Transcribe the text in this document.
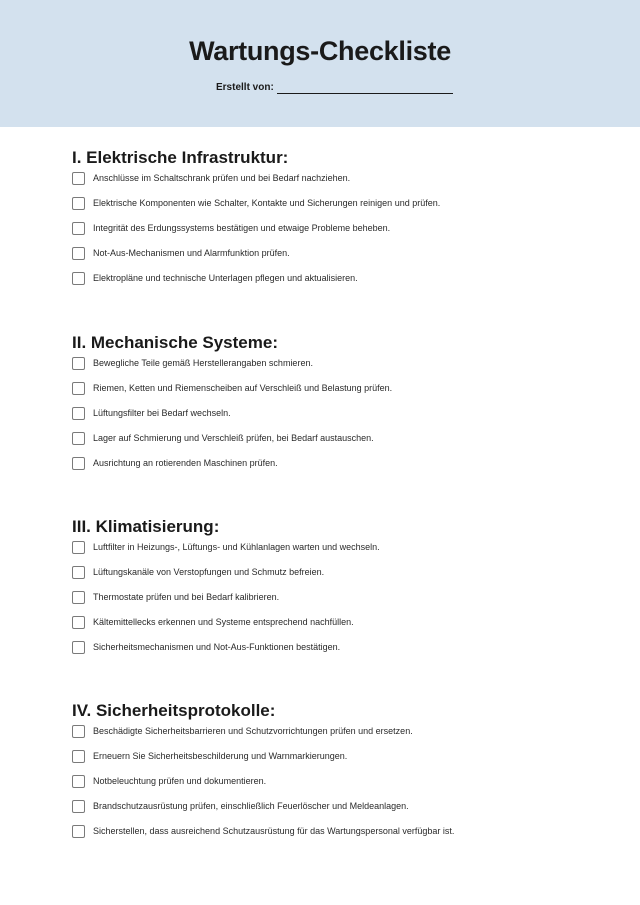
Wartungs-Checkliste
Erstellt von:
I. Elektrische Infrastruktur:
Anschlüsse im Schaltschrank prüfen und bei Bedarf nachziehen.
Elektrische Komponenten wie Schalter, Kontakte und Sicherungen reinigen und prüfen.
Integrität des Erdungssystems bestätigen und etwaige Probleme beheben.
Not-Aus-Mechanismen und Alarmfunktion prüfen.
Elektropläne und technische Unterlagen pflegen und aktualisieren.
II. Mechanische Systeme:
Bewegliche Teile gemäß Herstellerangaben schmieren.
Riemen, Ketten und Riemenscheiben auf Verschleiß und Belastung prüfen.
Lüftungsfilter bei Bedarf wechseln.
Lager auf Schmierung und Verschleiß prüfen, bei Bedarf austauschen.
Ausrichtung an rotierenden Maschinen prüfen.
III. Klimatisierung:
Luftfilter in Heizungs-, Lüftungs- und Kühlanlagen warten und wechseln.
Lüftungskanäle von Verstopfungen und Schmutz befreien.
Thermostate prüfen und bei Bedarf kalibrieren.
Kältemittellecks erkennen und Systeme entsprechend nachfüllen.
Sicherheitsmechanismen und Not-Aus-Funktionen bestätigen.
IV. Sicherheitsprotokolle:
Beschädigte Sicherheitsbarrieren und Schutzvorrichtungen prüfen und ersetzen.
Erneuern Sie Sicherheitsbeschilderung und Warnmarkierungen.
Notbeleuchtung prüfen und dokumentieren.
Brandschutzausrüstung prüfen, einschließlich Feuerlöscher und Meldeanlagen.
Sicherstellen, dass ausreichend Schutzausrüstung für das Wartungspersonal verfügbar ist.
